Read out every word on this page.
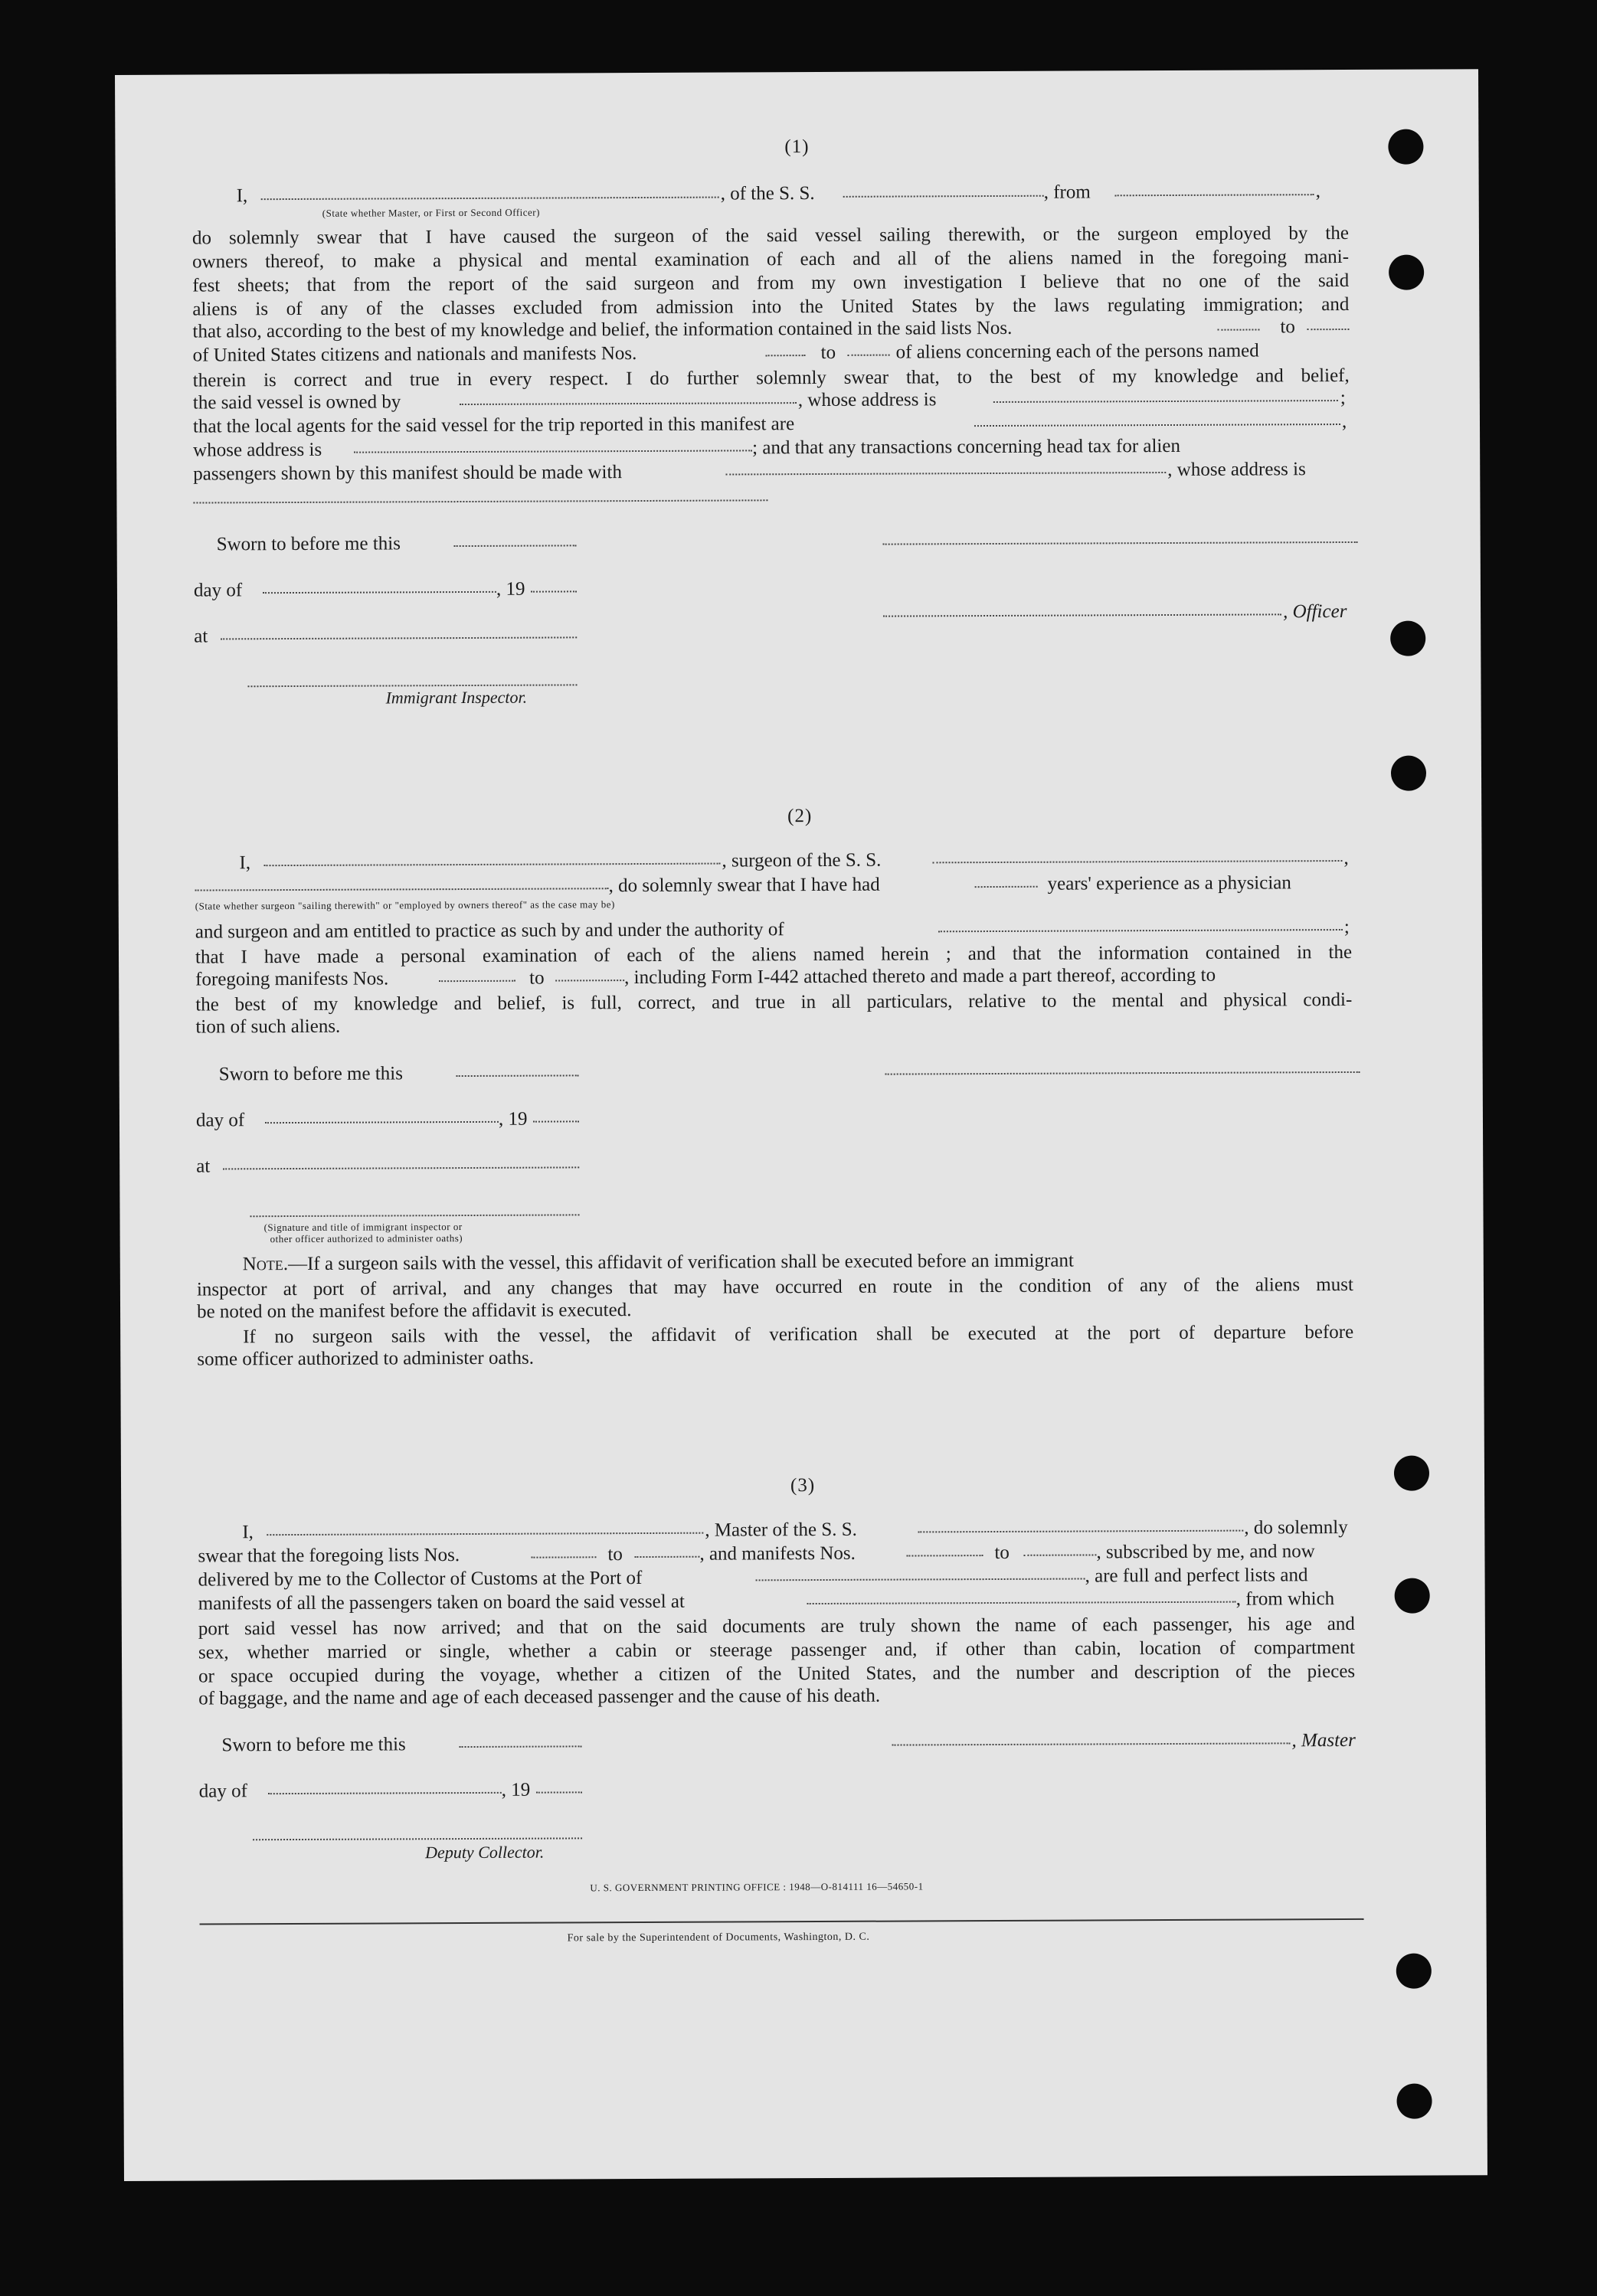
(1)
I,	, of the S. S.	, from	,
(State whether Master, or First or Second Officer)
do solemnly swear that I have caused the surgeon of the said vessel sailing therewith, or the surgeon employed by the
owners thereof, to make a physical and mental examination of each and all of the aliens named in the foregoing mani-
fest sheets; that from the report of the said surgeon and from my own investigation I believe that no one of the said
aliens is of any of the classes excluded from admission into the United States by the laws regulating immigration; and
that also, according to the best of my knowledge and belief, the information contained in the said lists Nos.	to
of United States citizens and nationals and manifests Nos.	to	of aliens concerning each of the persons named
therein is correct and true in every respect. I do further solemnly swear that, to the best of my knowledge and belief,
the said vessel is owned by	, whose address is	;
that the local agents for the said vessel for the trip reported in this manifest are	,
whose address is	; and that any transactions concerning head tax for alien
passengers shown by this manifest should be made with	, whose address is
Sworn to before me this
day of	, 19
, Officer
at
Immigrant Inspector.
(2)
I,	, surgeon of the S. S.	,
, do solemnly swear that I have had	years' experience as a physician
(State whether surgeon "sailing therewith" or "employed by owners thereof" as the case may be)
and surgeon and am entitled to practice as such by and under the authority of	;
that I have made a personal examination of each of the aliens named herein ; and that the information contained in the
foregoing manifests Nos.	to	, including Form I-442 attached thereto and made a part thereof, according to
the best of my knowledge and belief, is full, correct, and true in all particulars, relative to the mental and physical condi-
tion of such aliens.
Sworn to before me this
day of	, 19
at
(Signature and title of immigrant inspector or
other officer authorized to administer oaths)
Note.—If a surgeon sails with the vessel, this affidavit of verification shall be executed before an immigrant
inspector at port of arrival, and any changes that may have occurred en route in the condition of any of the aliens must
be noted on the manifest before the affidavit is executed.
If no surgeon sails with the vessel, the affidavit of verification shall be executed at the port of departure before
some officer authorized to administer oaths.
(3)
I,	, Master of the S. S.	, do solemnly
swear that the foregoing lists Nos.	to	, and manifests Nos.	to	, subscribed by me, and now
delivered by me to the Collector of Customs at the Port of	, are full and perfect lists and
manifests of all the passengers taken on board the said vessel at	, from which
port said vessel has now arrived; and that on the said documents are truly shown the name of each passenger, his age and
sex, whether married or single, whether a cabin or steerage passenger and, if other than cabin, location of compartment
or space occupied during the voyage, whether a citizen of the United States, and the number and description of the pieces
of baggage, and the name and age of each deceased passenger and the cause of his death.
Sworn to before me this	, Master
day of	, 19
Deputy Collector.
U. S. GOVERNMENT PRINTING OFFICE : 1948—O-814111 16—54650-1
For sale by the Superintendent of Documents, Washington, D. C.
